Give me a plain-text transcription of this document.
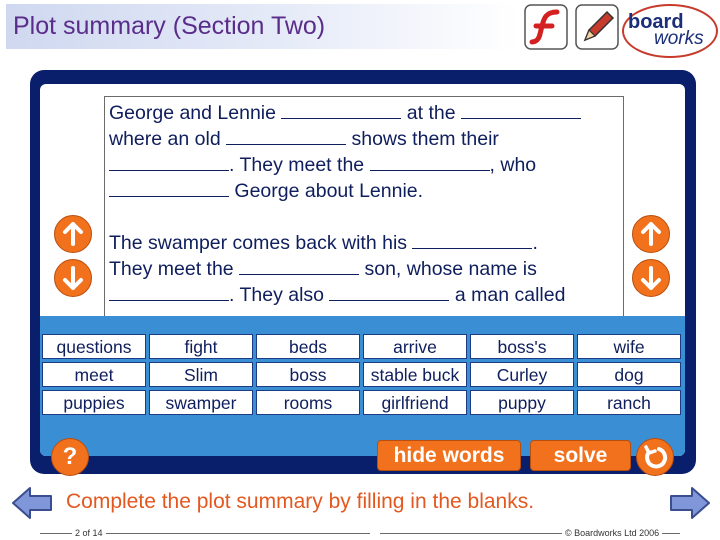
Plot summary (Section Two)	board
works
George and Lennie	at the
where an old	shows them their
. They meet the	, who
George about Lennie.
The swamper comes back with his	.
They meet the	son, whose name is
. They also	a man called
questions	fight	beds	arrive	boss's	wife
meet	Slim	boss	stable buck	Curley	dog
puppies	swamper	rooms	girlfriend	puppy	ranch
?	hide words	solve
Complete the plot summary by filling in the blanks.
2 of 14	© Boardworks Ltd 2006
